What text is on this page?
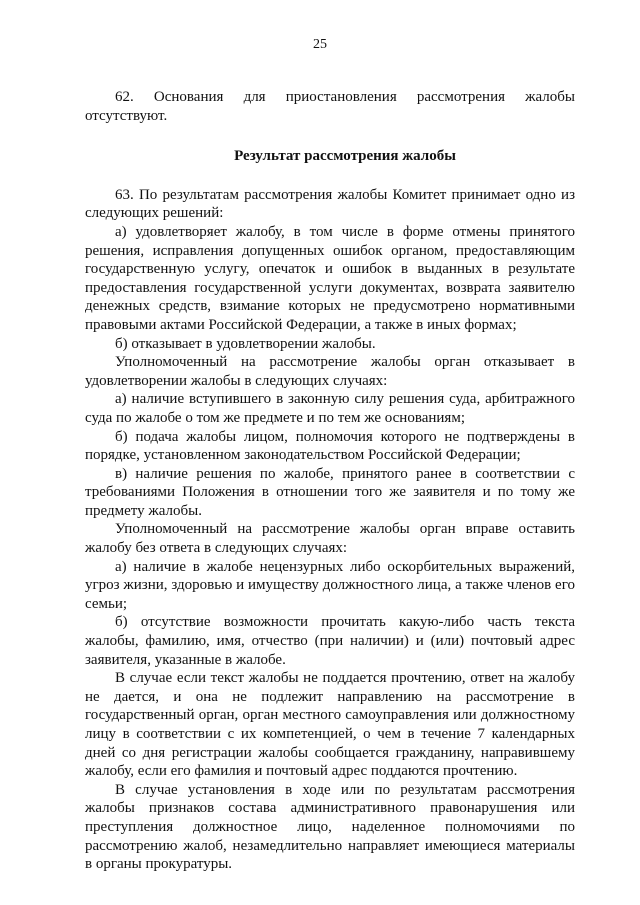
25

62. Основания для приостановления рассмотрения жалобы отсутствуют.

Результат рассмотрения жалобы

63. По результатам рассмотрения жалобы Комитет принимает одно из следующих решений:

а) удовлетворяет жалобу, в том числе в форме отмены принятого решения, исправления допущенных ошибок органом, предоставляющим государственную услугу, опечаток и ошибок в выданных в результате предоставления государственной услуги документах, возврата заявителю денежных средств, взимание которых не предусмотрено нормативными правовыми актами Российской Федерации, а также в иных формах;

б) отказывает в удовлетворении жалобы.

Уполномоченный на рассмотрение жалобы орган отказывает в удовлетворении жалобы в следующих случаях:

а) наличие вступившего в законную силу решения суда, арбитражного суда по жалобе о том же предмете и по тем же основаниям;

б) подача жалобы лицом, полномочия которого не подтверждены в порядке, установленном законодательством Российской Федерации;

в) наличие решения по жалобе, принятого ранее в соответствии с требованиями Положения в отношении того же заявителя и по тому же предмету жалобы.

Уполномоченный на рассмотрение жалобы орган вправе оставить жалобу без ответа в следующих случаях:

а) наличие в жалобе нецензурных либо оскорбительных выражений, угроз жизни, здоровью и имуществу должностного лица, а также членов его семьи;

б) отсутствие возможности прочитать какую-либо часть текста жалобы, фамилию, имя, отчество (при наличии) и (или) почтовый адрес заявителя, указанные в жалобе.

В случае если текст жалобы не поддается прочтению, ответ на жалобу не дается, и она не подлежит направлению на рассмотрение в государственный орган, орган местного самоуправления или должностному лицу в соответствии с их компетенцией, о чем в течение 7 календарных дней со дня регистрации жалобы сообщается гражданину, направившему жалобу, если его фамилия и почтовый адрес поддаются прочтению.

В случае установления в ходе или по результатам рассмотрения жалобы признаков состава административного правонарушения или преступления должностное лицо, наделенное полномочиями по рассмотрению жалоб, незамедлительно направляет имеющиеся материалы в органы прокуратуры.
